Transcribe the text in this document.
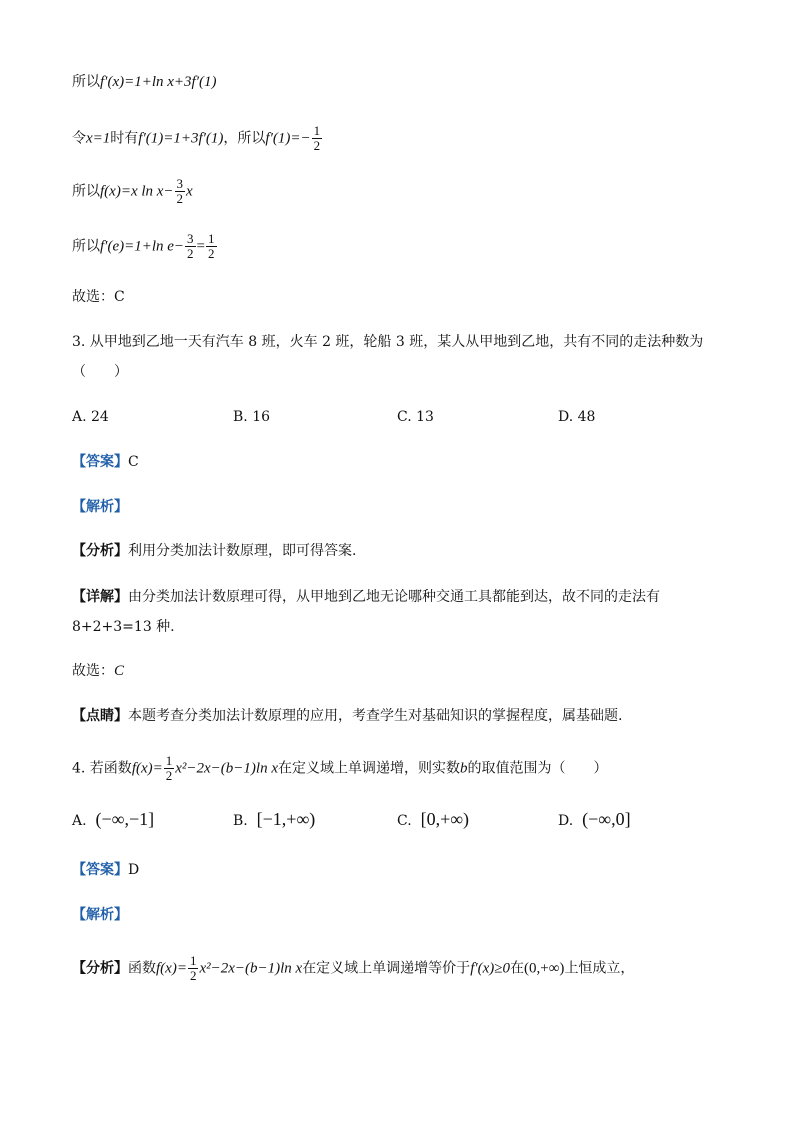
所以f′(x)=1+ln x+3f′(1)
令x=1时有f′(1)=1+3f′(1)，所以$f'(1)=- \frac{1}{2}$
所以f(x)=x $\ln x- \frac{3}{2}$ x
所以f′(e)=1+ln $e- \frac{3}{2} = \frac{1}{2}$
故选：C
3. 从甲地到乙地一天有汽车 8 班，火车 2 班，轮船 3 班，某人从甲地到乙地，共有不同的走法种数为
（　　）
A. 24	B. 16	C. 13	D. 48
【答案】C
【解析】
【分析】利用分类加法计数原理，即可得答案.
【详解】由分类加法计数原理可得，从甲地到乙地无论哪种交通工具都能到达，故不同的走法有
8+2+3=13 种.
故选：C
【点睛】本题考查分类加法计数原理的应用，考查学生对基础知识的掌握程度，属基础题.
4. 若函数$f(x)= \frac{1}{2} x^2-2x-(b-1)\ln$ x在定义域上单调递增，则实数b的取值范围为（　　）
A. (−∞,−1]	B. [−1,+∞)	C. [0,+∞)	D. (−∞,0]
【答案】D
【解析】
【分析】函数$f(x)= \frac{1}{2} x^2-2x-(b-1)\ln$ x在定义域上单调递增等价于f′(x)≥0在(0,+∞)上恒成立，
